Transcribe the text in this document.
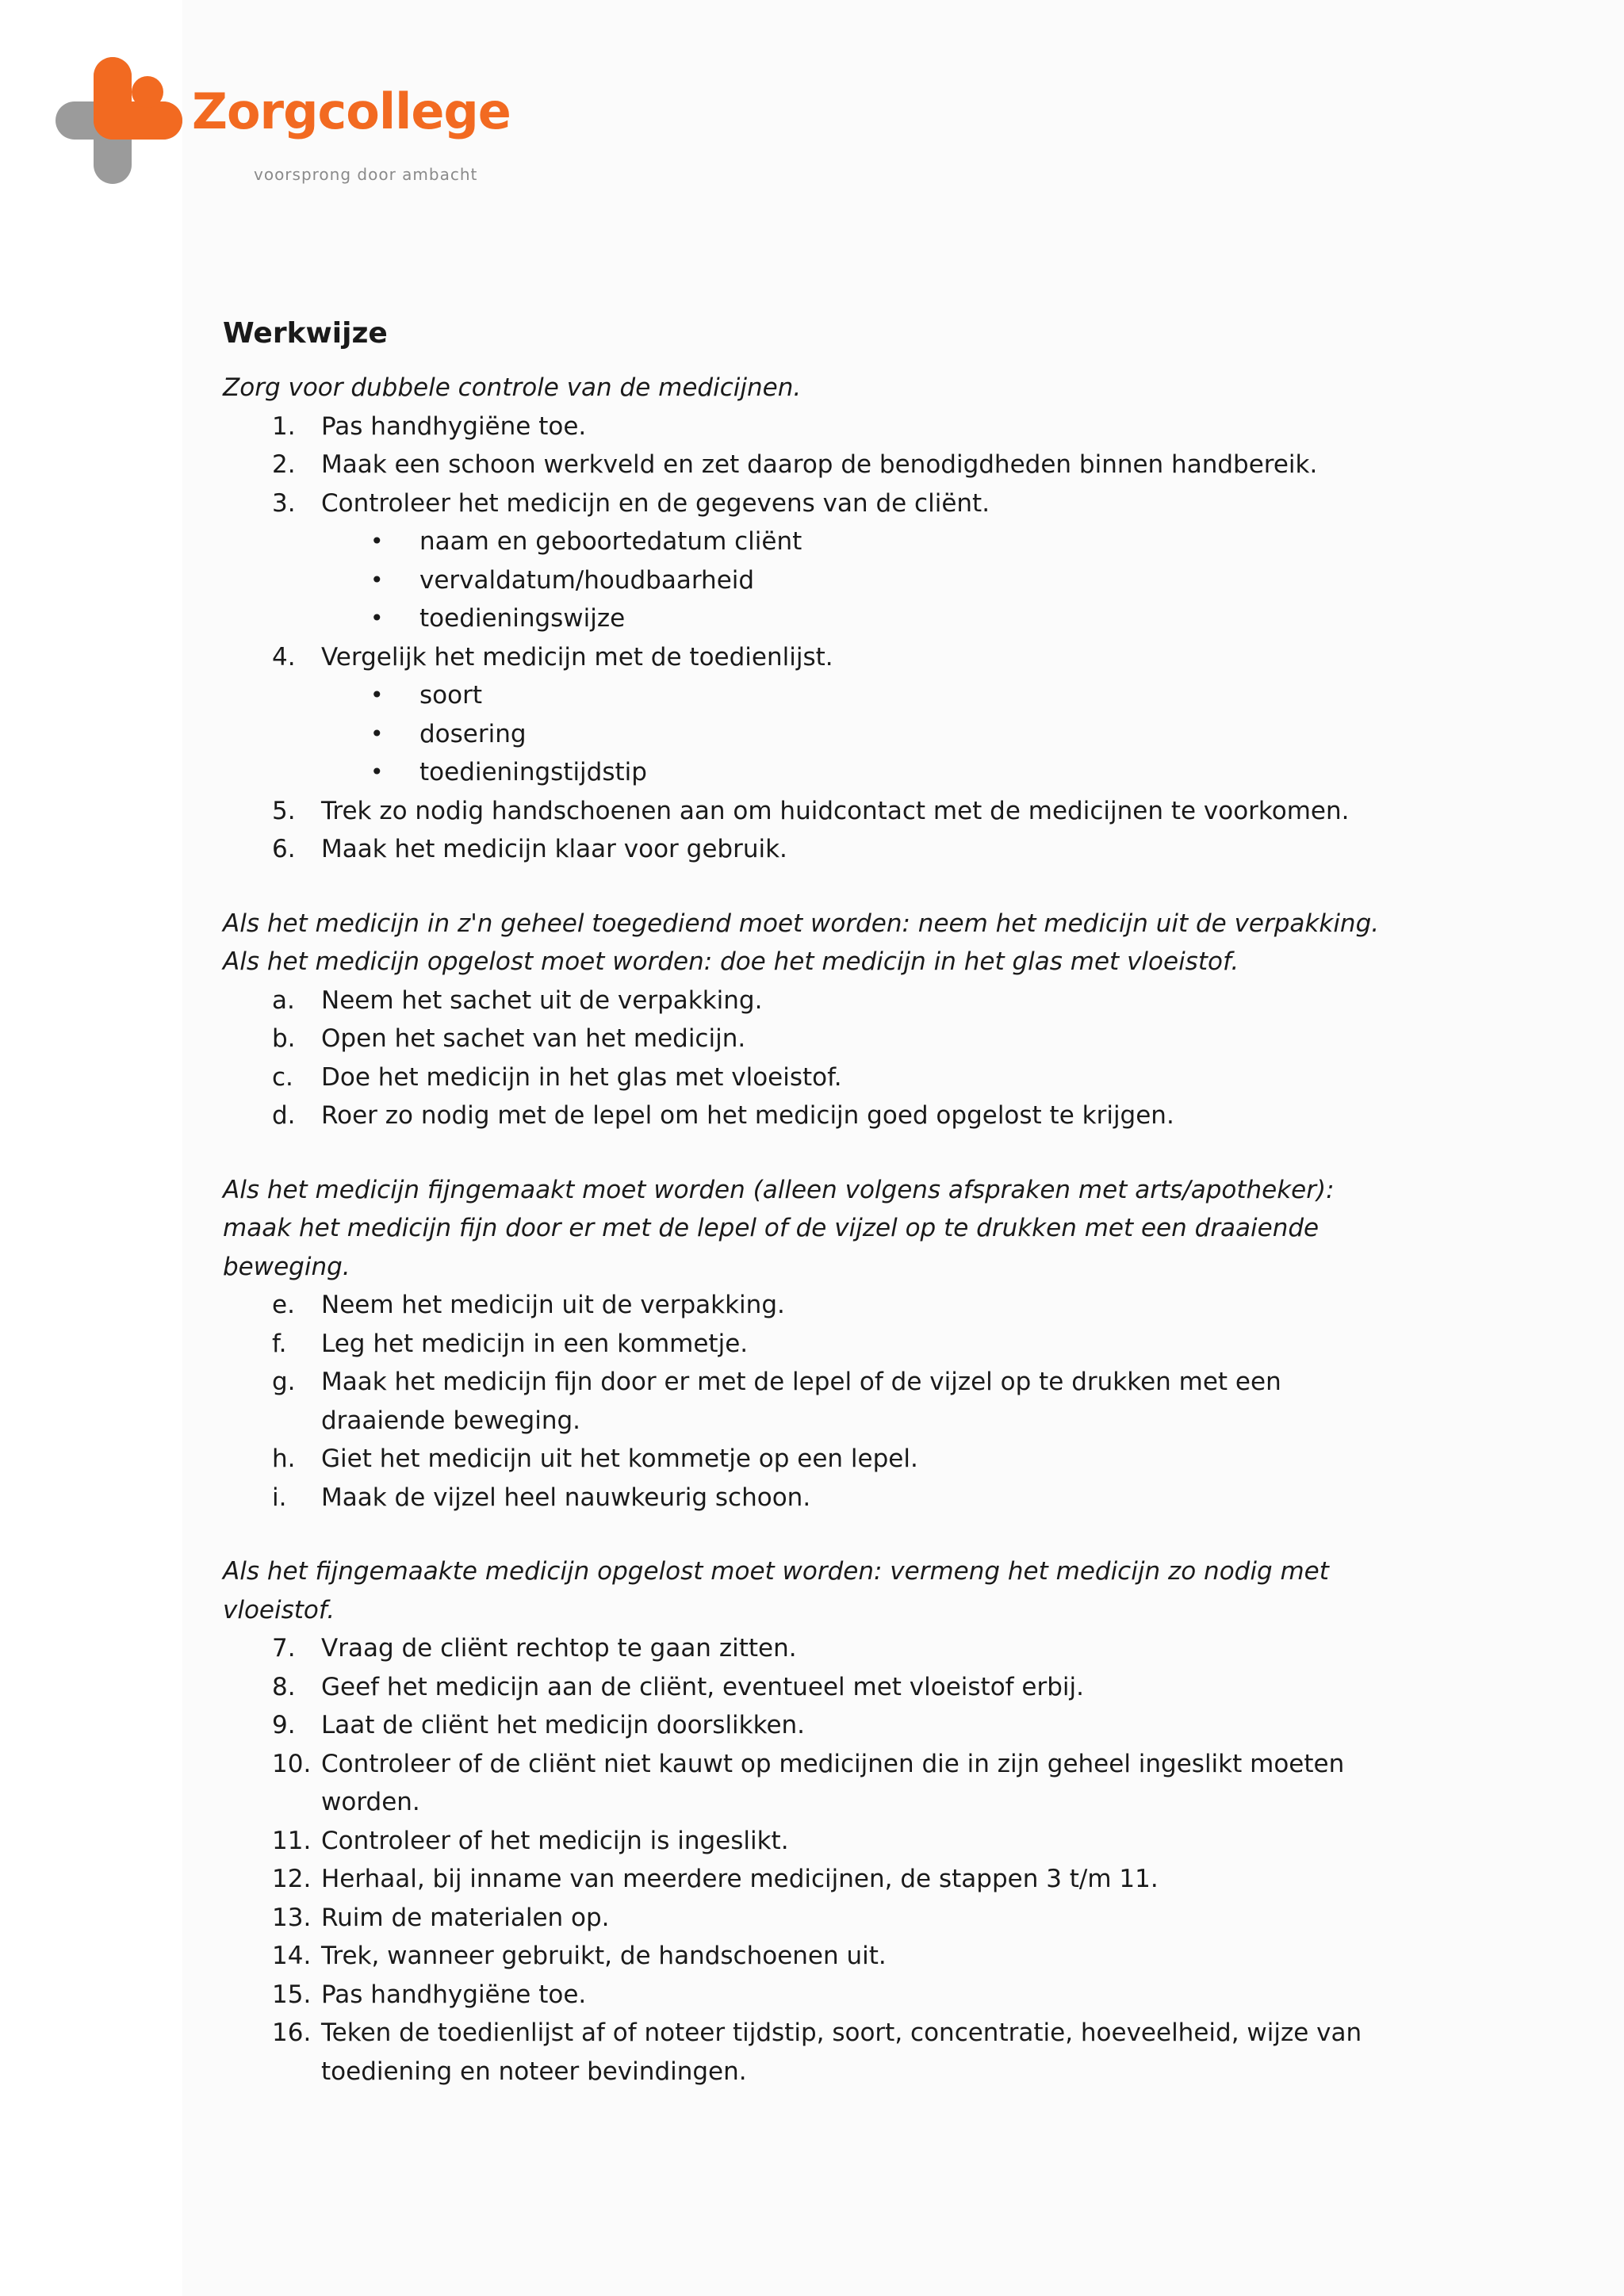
Zorgcollege
voorsprong door ambacht
Werkwijze

Zorg voor dubbele controle van de medicijnen.

1. Pas handhygiëne toe.
2. Maak een schoon werkveld en zet daarop de benodigdheden binnen handbereik.
3. Controleer het medicijn en de gegevens van de cliënt.
• naam en geboortedatum cliënt
• vervaldatum/houdbaarheid
• toedieningswijze
4. Vergelijk het medicijn met de toedienlijst.
• soort
• dosering
• toedieningstijdstip
5. Trek zo nodig handschoenen aan om huidcontact met de medicijnen te voorkomen.
6. Maak het medicijn klaar voor gebruik.

Als het medicijn in z'n geheel toegediend moet worden: neem het medicijn uit de verpakking.

Als het medicijn opgelost moet worden: doe het medicijn in het glas met vloeistof.

a. Neem het sachet uit de verpakking.
b. Open het sachet van het medicijn.
c. Doe het medicijn in het glas met vloeistof.
d. Roer zo nodig met de lepel om het medicijn goed opgelost te krijgen.

Als het medicijn fijngemaakt moet worden (alleen volgens afspraken met arts/apotheker): maak het medicijn fijn door er met de lepel of de vijzel op te drukken met een draaiende beweging.

e. Neem het medicijn uit de verpakking.
f. Leg het medicijn in een kommetje.
g. Maak het medicijn fijn door er met de lepel of de vijzel op te drukken met een draaiende beweging.
h. Giet het medicijn uit het kommetje op een lepel.
i. Maak de vijzel heel nauwkeurig schoon.

Als het fijngemaakte medicijn opgelost moet worden: vermeng het medicijn zo nodig met vloeistof.

7. Vraag de cliënt rechtop te gaan zitten.
8. Geef het medicijn aan de cliënt, eventueel met vloeistof erbij.
9. Laat de cliënt het medicijn doorslikken.
10. Controleer of de cliënt niet kauwt op medicijnen die in zijn geheel ingeslikt moeten worden.
11. Controleer of het medicijn is ingeslikt.
12. Herhaal, bij inname van meerdere medicijnen, de stappen 3 t/m 11.
13. Ruim de materialen op.
14. Trek, wanneer gebruikt, de handschoenen uit.
15. Pas handhygiëne toe.
16. Teken de toedienlijst af of noteer tijdstip, soort, concentratie, hoeveelheid, wijze van toediening en noteer bevindingen.
